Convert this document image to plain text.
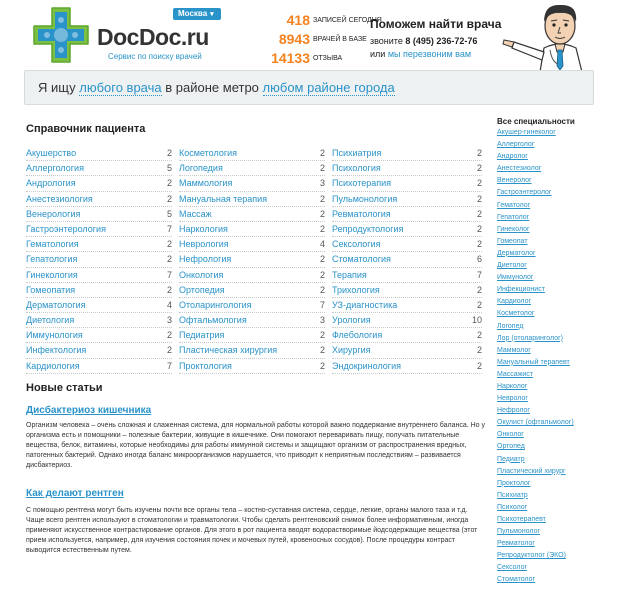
DocDoc.ru
Сервис по поиску врачей
Москва ▾	418 ЗАПИСЕЙ СЕГОДНЯ
8943 ВРАЧЕЙ В БАЗЕ
14133 ОТЗЫВА
Поможем найти врача
звоните 8 (495) 236-72-76
или мы перезвоним вам
Я ищу любого врача в районе метро любом районе города
Справочник пациента
Акушерство	2
Аллергология	5
Андрология	2
Анестезиология	2
Венерология	5
Гастроэнтерология	7
Гематология	2
Гепатология	2
Гинекология	7
Гомеопатия	2
Дерматология	4
Диетология	3
Иммунология	2
Инфектология	2
Кардиология	7
Косметология	2
Логопедия	2
Маммология	3
Мануальная терапия	2
Массаж	2
Наркология	2
Неврология	4
Нефрология	2
Онкология	2
Ортопедия	2
Отоларингология	7
Офтальмология	3
Педиатрия	2
Пластическая хирургия	2
Проктология	2
Психиатрия	2
Психология	2
Психотерапия	2
Пульмонология	2
Ревматология	2
Репродуктология	2
Сексология	2
Стоматология	6
Терапия	7
Трихология	2
УЗ-диагностика	2
Урология	10
Флебология	2
Хирургия	2
Эндокринология	2
Новые статьи
Дисбактериоз кишечника
Организм человека – очень сложная и слаженная система, для нормальной работы которой важно поддержание внутреннего баланса. Но у организма есть и помощники – полезные бактерии, живущие в кишечнике. Они помогают переваривать пищу, получать питательные вещества, белок, витамины, которые необходимы для работы иммунной системы и защищают организм от распространения вредных, патогенных бактерий. Однако иногда баланс микроорганизмов нарушается, что приводит к неприятным последствиям – развивается дисбактериоз.
Как делают рентген
С помощью рентгена могут быть изучены почти все органы тела – костно-суставная система, сердце, легкие, органы малого таза и т.д. Чаще всего рентген используют в стоматологии и травматологии. Чтобы сделать рентгеновский снимок более информативным, иногда применяют искусственное контрастирование органов. Для этого в рот пациента вводят водорастворимые йодсодержащие вещества (этот прием используется, например, для изучения состояния почек и мочевых путей, кровеносных сосудов). После процедуры контраст выводится естественным путем.
Все специальности
Акушер-гинеколог
Аллерголог
Андролог
Анестезиолог
Венеролог
Гастроэнтеролог
Гематолог
Гепатолог
Гинеколог
Гомеопат
Дерматолог
Диетолог
Иммунолог
Инфекционист
Кардиолог
Косметолог
Логопед
Лор (отоларинголог)
Маммолог
Мануальный терапевт
Массажист
Нарколог
Невролог
Нефролог
Окулист (офтальмолог)
Онколог
Ортопед
Педиатр
Пластический хирург
Проктолог
Психиатр
Психолог
Психотерапевт
Пульмонолог
Ревматолог
Репродуктолог (ЭКО)
Сексолог
Стоматолог
